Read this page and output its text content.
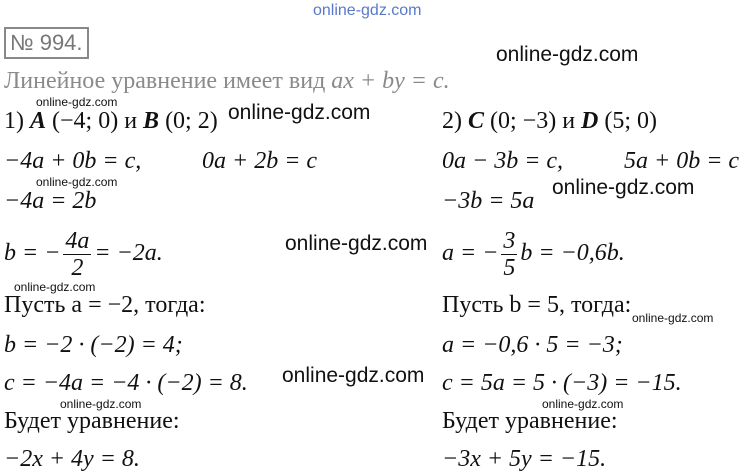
online-gdz.com
online-gdz.com
online-gdz.com
online-gdz.com
online-gdz.com
online-gdz.com
online-gdz.com
online-gdz.com
online-gdz.com
online-gdz.com
online-gdz.com	online-gdz.com
№ 994.
Линейное уравнение имеет вид ax + by = c.
1) A (−4; 0) и B (0; 2)
−4a + 0b = c,	0a + 2b = c
−4a = 2b
b = − $\frac{4a}{2} = -2a$.
Пусть a = −2, тогда:
b = −2 · (−2) = 4;
c = −4a = −4 · (−2) = 8.
Будет уравнение:
−2x + 4y = 8.
2) C (0; −3) и D (5; 0)
0a − 3b = c,	5a + 0b = c
−3b = 5a
a = − $\frac{3}{5}$ b = −0,6b.
Пусть b = 5, тогда:
a = −0,6 · 5 = −3;
c = 5a = 5 · (−3) = −15.
Будет уравнение:
−3x + 5y = −15.
